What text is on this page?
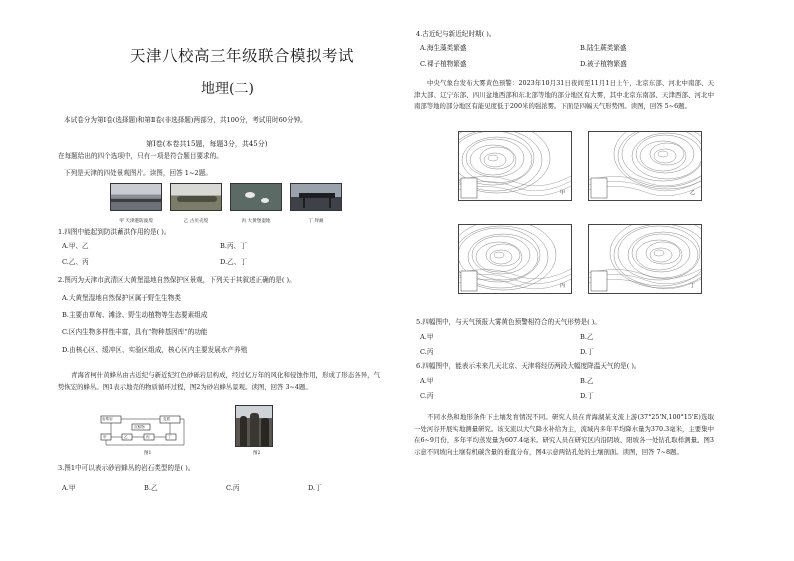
天津八校高三年级联合模拟考试

地理(二)

本试卷分为第Ⅰ卷(选择题)和第Ⅱ卷(非选择题)两部分，共100分，考试用时60分钟。

第Ⅰ卷(本卷共15题，每题3分，共45分)

在每题给出的四个选项中，只有一项是符合题目要求的。

下列是天津的四处景观图片。读图，回答 1~2题。

甲 天津港防波堤	乙 古贝壳堤	丙 大黄堡湿地	丁 拜耐

1.四图中能起到防洪蓄洪作用的是( )。

A.甲、乙	B.丙、丁

C.乙、丙	D.乙、丁

2.图丙为天津市武清区大黄堡湿地自然保护区景观，下列关于其叙述正确的是( )。

A.大黄堡湿地自然保护区属于野生生物类

B.主要由草甸、滩涂、野生动植物等生态要素组成

C.区内生物多样性丰富，具有“物种基因库”的功能

D.由核心区、缓冲区、实验区组成，核心区内主要发展水产养殖

青海省柯什黄蜂丛由古近纪与新近纪红色砂砾岩层构成，经过亿万年的风化和侵蚀作用，形成了形态各异，气势恢宏的蜂丛。图1表示地壳的物质循环过程，图2为砂岩蜂丛景观。读图，回答 3~4题。

岩浆岩
甲	乙	丙	丁
沉积物
变质

图1	图2

3.图1中可以表示砂岩蜂丛的岩石类型的是( )。

A.甲	B.乙	C.丙	D.丁

4.古近纪与新近纪时期( )。

A.海生藻类繁盛	B.陆生蕨类繁盛

C.裸子植物繁盛	D.被子植物繁盛

中央气象台发布大雾黄色预警：2023年10月31日夜间至11月1日上午，北京东部、河北中南部、天津大部、辽宁东部、四川盆地西部和东北部等地的部分地区有大雾，其中北京东南部、天津西部、河北中南部等地的部分地区有能见度低于200米的强浓雾。下面是四幅天气形势图。读图，回答 5~6题。

甲	乙
丙	丁

5.四幅图中，与天气预报大雾黄色预警相符合的天气形势是( )。

A.甲	B.乙

C.丙	D.丁

6.四幅图中，能表示未来几天北京、天津将经历两段大幅度降温天气的是( )。

A.甲	B.乙

C.丙	D.丁

不同水热和地形条件下土壤发育情况不同。研究人员在青海湖某支流上游(37°25'N,100°15'E)选取一处河谷开展实地测量研究。该支流以大气降水补给为主，流域内多年平均降水量为370.3毫米，主要集中在6~9月份，多年平均蒸发量为607.4毫米。研究人员在研究区内沿阴坡、阳坡各一处钻孔取样测量。图3示意不同坡向土壤有机碳含量的垂直分布，图4示意两钻孔处的土壤剖面。读图，回答 7~8题。
